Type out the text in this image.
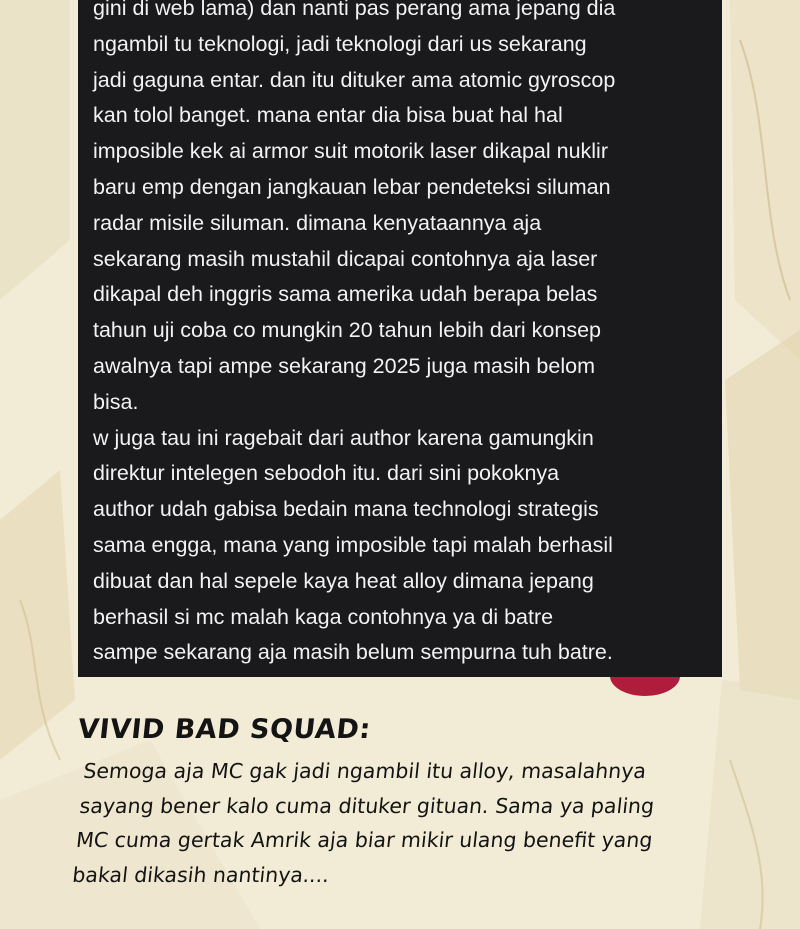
gini di web lama) dan nanti pas perang ama jepang dia
ngambil tu teknologi, jadi teknologi dari us sekarang
jadi gaguna entar. dan itu dituker ama atomic gyroscop
kan tolol banget. mana entar dia bisa buat hal hal
imposible kek ai armor suit motorik laser dikapal nuklir
baru emp dengan jangkauan lebar pendeteksi siluman
radar misile siluman. dimana kenyataannya aja
sekarang masih mustahil dicapai contohnya aja laser
dikapal deh inggris sama amerika udah berapa belas
tahun uji coba co mungkin 20 tahun lebih dari konsep
awalnya tapi ampe sekarang 2025 juga masih belom
bisa.
w juga tau ini ragebait dari author karena gamungkin
direktur intelegen sebodoh itu. dari sini pokoknya
author udah gabisa bedain mana technologi strategis
sama engga, mana yang imposible tapi malah berhasil
dibuat dan hal sepele kaya heat alloy dimana jepang
berhasil si mc malah kaga contohnya ya di batre
sampe sekarang aja masih belum sempurna tuh batre.
VIVID BAD SQUAD:
Semoga aja MC gak jadi ngambil itu alloy, masalahnya
sayang bener kalo cuma dituker gituan. Sama ya paling
MC cuma gertak Amrik aja biar mikir ulang benefit yang
bakal dikasih nantinya....
